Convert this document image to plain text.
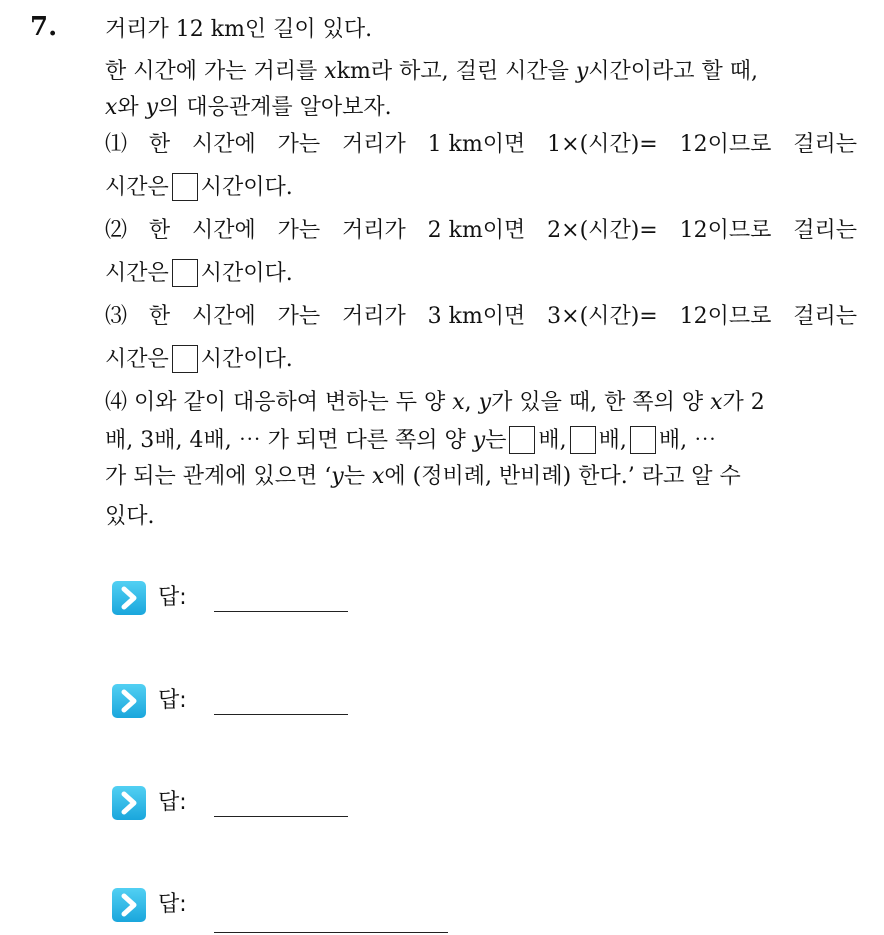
7. 거리가 12 km인 길이 있다.
한 시간에 가는 거리를 xkm라 하고, 걸린 시간을 y시간이라고 할 때,
x와 y의 대응관계를 알아보자.
⑴ 한 시간에 가는 거리가 1 km이면 1×(시간)= 12이므로 걸리는
시간은 시간이다.
⑵ 한 시간에 가는 거리가 2 km이면 2×(시간)= 12이므로 걸리는
시간은 시간이다.
⑶ 한 시간에 가는 거리가 3 km이면 3×(시간)= 12이므로 걸리는
시간은 시간이다.
⑷ 이와 같이 대응하여 변하는 두 양 x, y가 있을 때, 한 쪽의 양 x가 2
배, 3배, 4배, ⋯ 가 되면 다른 쪽의 양 y는 배, 배, 배, ⋯
가 되는 관계에 있으면 ‘y는 x에 (정비례, 반비례) 한다.’ 라고 알 수
있다.
답:
답:
답:
답:
